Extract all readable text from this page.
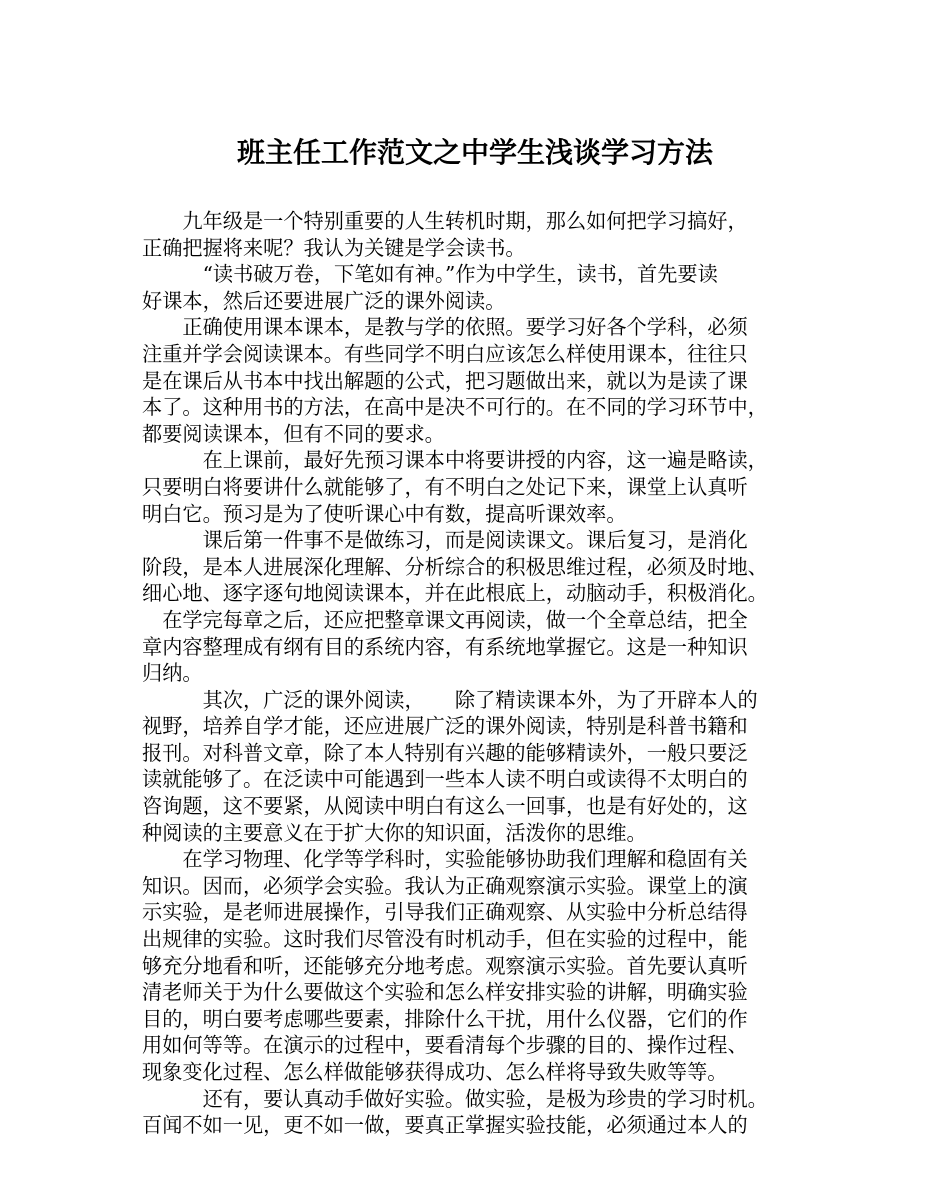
班主任工作范文之中学生浅谈学习方法

　　九年级是一个特别重要的人生转机时期，那么如何把学习搞好，
正确把握将来呢？我认为关键是学会读书。

　　　“读书破万卷，下笔如有神。”作为中学生，读书，首先要读
好课本，然后还要进展广泛的课外阅读。

　　正确使用课本课本，是教与学的依照。要学习好各个学科，必须
注重并学会阅读课本。有些同学不明白应该怎么样使用课本，往往只
是在课后从书本中找出解题的公式，把习题做出来，就以为是读了课
本了。这种用书的方法，在高中是决不可行的。在不同的学习环节中，
都要阅读课本，但有不同的要求。

　　　在上课前，最好先预习课本中将要讲授的内容，这一遍是略读，
只要明白将要讲什么就能够了，有不明白之处记下来，课堂上认真听
明白它。预习是为了使听课心中有数，提高听课效率。

　　　课后第一件事不是做练习，而是阅读课文。课后复习，是消化
阶段，是本人进展深化理解、分析综合的积极思维过程，必须及时地、
细心地、逐字逐句地阅读课本，并在此根底上，动脑动手，积极消化。
　在学完每章之后，还应把整章课文再阅读，做一个全章总结，把全
章内容整理成有纲有目的系统内容，有系统地掌握它。这是一种知识
归纳。

　　　其次，广泛的课外阅读，　　除了精读课本外，为了开辟本人的
视野，培养自学才能，还应进展广泛的课外阅读，特别是科普书籍和
报刊。对科普文章，除了本人特别有兴趣的能够精读外，一般只要泛
读就能够了。在泛读中可能遇到一些本人读不明白或读得不太明白的
咨询题，这不要紧，从阅读中明白有这么一回事，也是有好处的，这
种阅读的主要意义在于扩大你的知识面，活泼你的思维。

　　在学习物理、化学等学科时，实验能够协助我们理解和稳固有关
知识。因而，必须学会实验。我认为正确观察演示实验。课堂上的演
示实验，是老师进展操作，引导我们正确观察、从实验中分析总结得
出规律的实验。这时我们尽管没有时机动手，但在实验的过程中，能
够充分地看和听，还能够充分地考虑。观察演示实验。首先要认真听
清老师关于为什么要做这个实验和怎么样安排实验的讲解，明确实验
目的，明白要考虑哪些要素，排除什么干扰，用什么仪器，它们的作
用如何等等。在演示的过程中，要看清每个步骤的目的、操作过程、
现象变化过程、怎么样做能够获得成功、怎么样将导致失败等等。

　　　还有，要认真动手做好实验。做实验，是极为珍贵的学习时机。
百闻不如一见，更不如一做，要真正掌握实验技能，必须通过本人的
